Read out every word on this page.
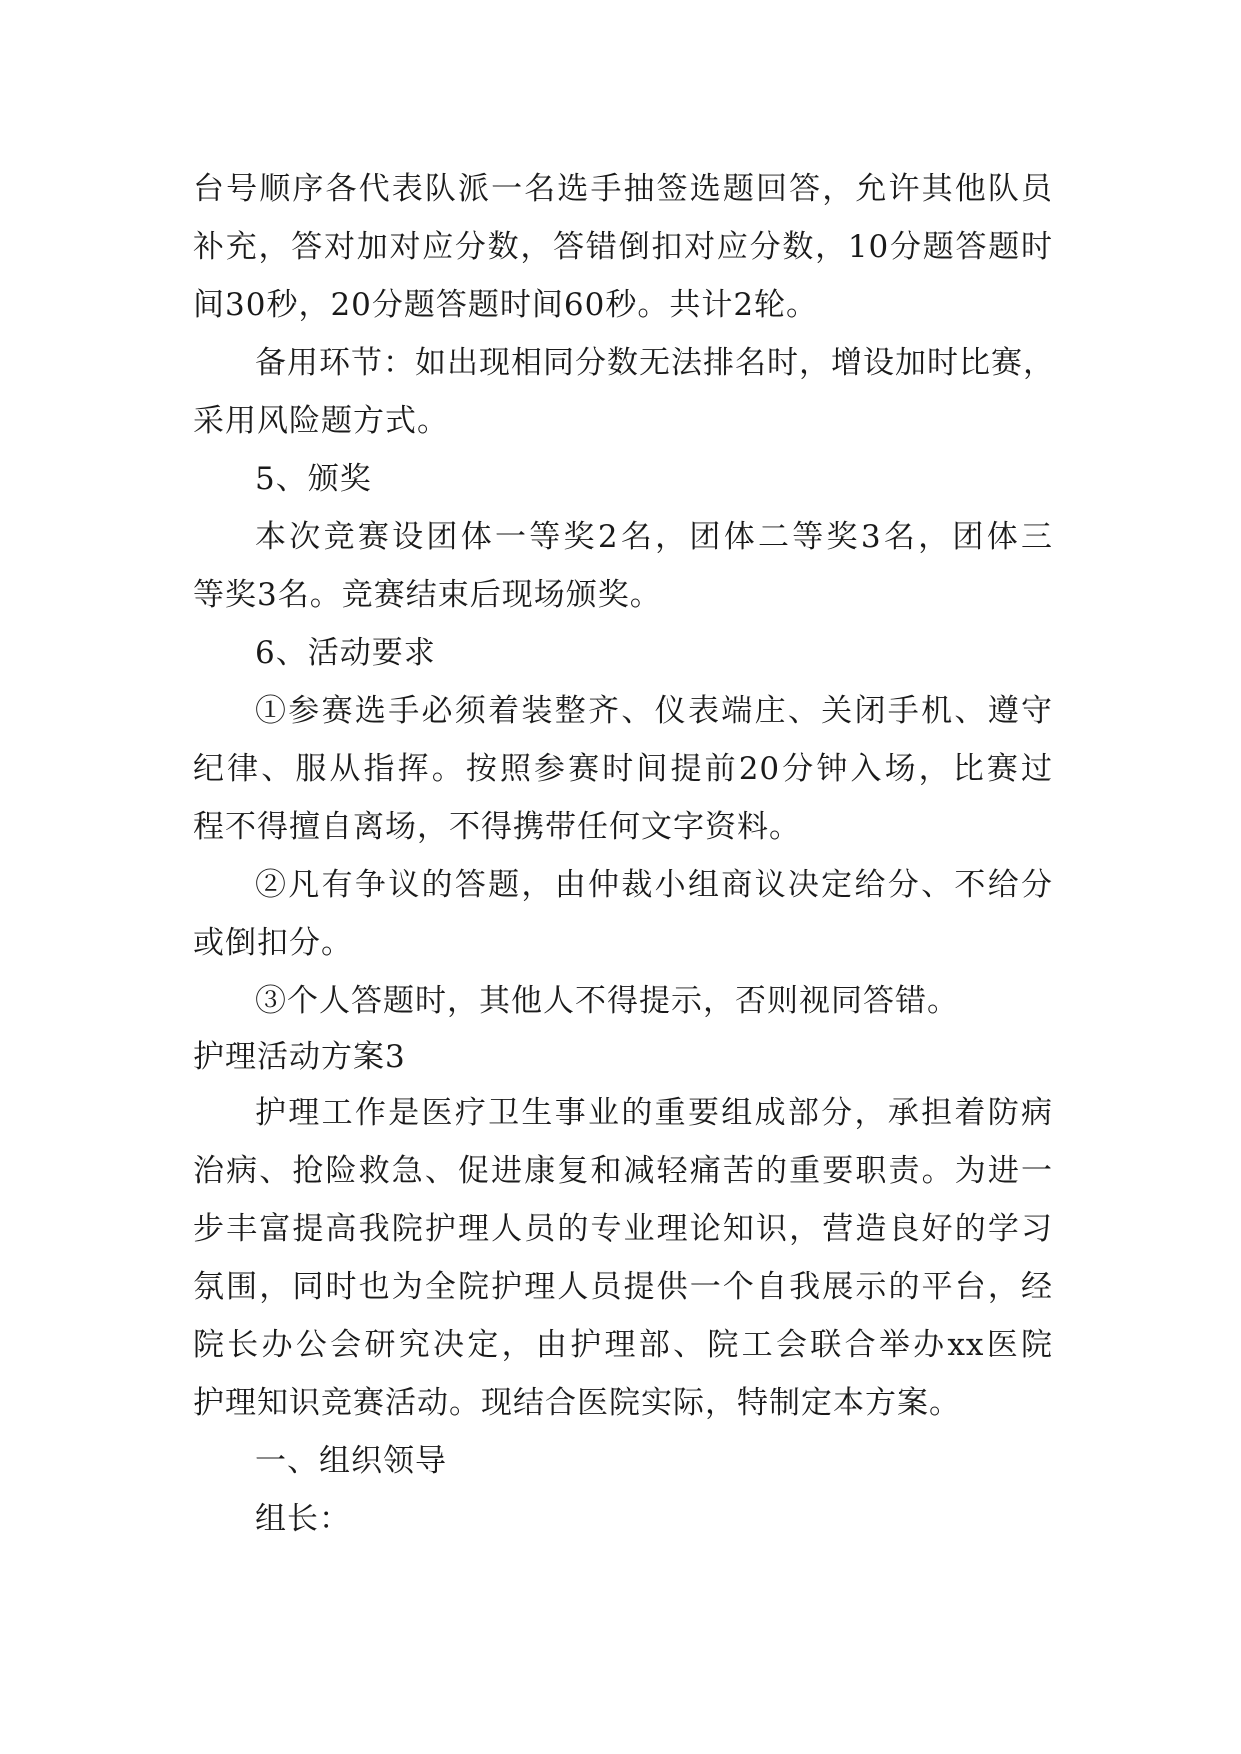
台号顺序各代表队派一名选手抽签选题回答，允许其他队员
补充，答对加对应分数，答错倒扣对应分数，10分题答题时
间30秒，20分题答题时间60秒。共计2轮。
备用环节：如出现相同分数无法排名时，增设加时比赛，
采用风险题方式。
5、颁奖
本次竞赛设团体一等奖2名，团体二等奖3名，团体三
等奖3名。竞赛结束后现场颁奖。
6、活动要求
①参赛选手必须着装整齐、仪表端庄、关闭手机、遵守
纪律、服从指挥。按照参赛时间提前20分钟入场，比赛过
程不得擅自离场，不得携带任何文字资料。
②凡有争议的答题，由仲裁小组商议决定给分、不给分
或倒扣分。
③个人答题时，其他人不得提示，否则视同答错。
护理活动方案3
护理工作是医疗卫生事业的重要组成部分，承担着防病
治病、抢险救急、促进康复和减轻痛苦的重要职责。为进一
步丰富提高我院护理人员的专业理论知识，营造良好的学习
氛围，同时也为全院护理人员提供一个自我展示的平台，经
院长办公会研究决定，由护理部、院工会联合举办xx医院
护理知识竞赛活动。现结合医院实际，特制定本方案。
一、组织领导
组长：
